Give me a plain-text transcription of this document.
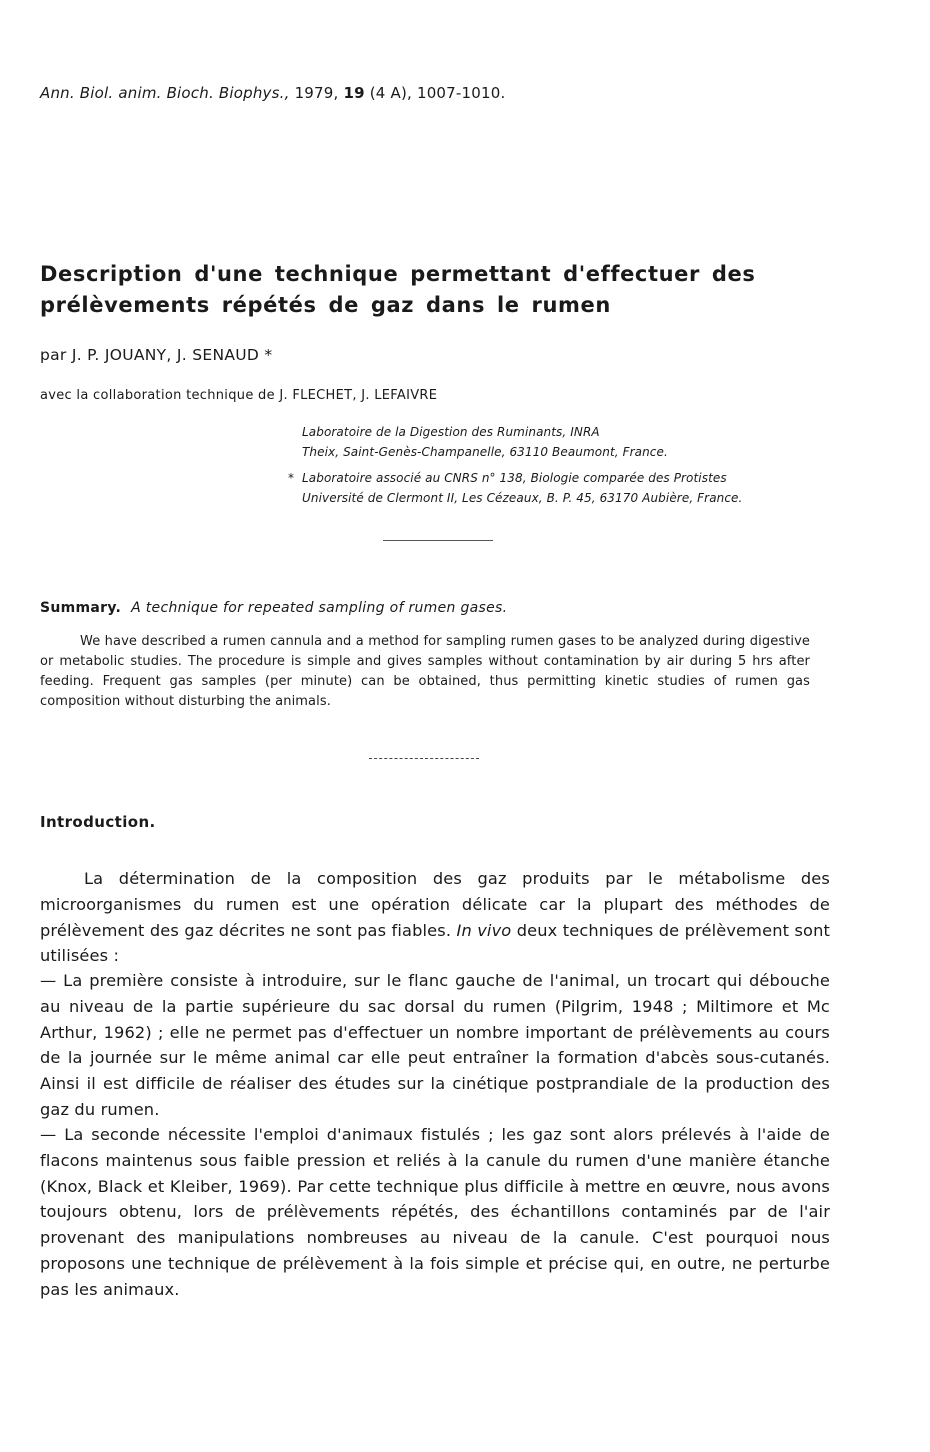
Ann. Biol. anim. Bioch. Biophys., 1979, 19 (4 A), 1007-1010.
Description d'une technique permettant d'effectuer des prélèvements répétés de gaz dans le rumen
par J. P. JOUANY, J. SENAUD *
avec la collaboration technique de J. FLECHET, J. LEFAIVRE
Laboratoire de la Digestion des Ruminants, INRA
Theix, Saint-Genès-Champanelle, 63110 Beaumont, France.
* Laboratoire associé au CNRS n° 138, Biologie comparée des Protistes
Université de Clermont II, Les Cézeaux, B. P. 45, 63170 Aubière, France.
Summary. A technique for repeated sampling of rumen gases.
We have described a rumen cannula and a method for sampling rumen gases to be analyzed during digestive or metabolic studies. The procedure is simple and gives samples without contamination by air during 5 hrs after feeding. Frequent gas samples (per minute) can be obtained, thus permitting kinetic studies of rumen gas composition without disturbing the animals.
Introduction.
La détermination de la composition des gaz produits par le métabolisme des microorganismes du rumen est une opération délicate car la plupart des méthodes de prélèvement des gaz décrites ne sont pas fiables. In vivo deux techniques de prélèvement sont utilisées :
— La première consiste à introduire, sur le flanc gauche de l'animal, un trocart qui débouche au niveau de la partie supérieure du sac dorsal du rumen (Pilgrim, 1948 ; Miltimore et Mc Arthur, 1962) ; elle ne permet pas d'effectuer un nombre important de prélèvements au cours de la journée sur le même animal car elle peut entraîner la formation d'abcès sous-cutanés. Ainsi il est difficile de réaliser des études sur la cinétique postprandiale de la production des gaz du rumen.
— La seconde nécessite l'emploi d'animaux fistulés ; les gaz sont alors prélevés à l'aide de flacons maintenus sous faible pression et reliés à la canule du rumen d'une manière étanche (Knox, Black et Kleiber, 1969). Par cette technique plus difficile à mettre en œuvre, nous avons toujours obtenu, lors de prélèvements répétés, des échantillons contaminés par de l'air provenant des manipulations nombreuses au niveau de la canule. C'est pourquoi nous proposons une technique de prélèvement à la fois simple et précise qui, en outre, ne perturbe pas les animaux.
